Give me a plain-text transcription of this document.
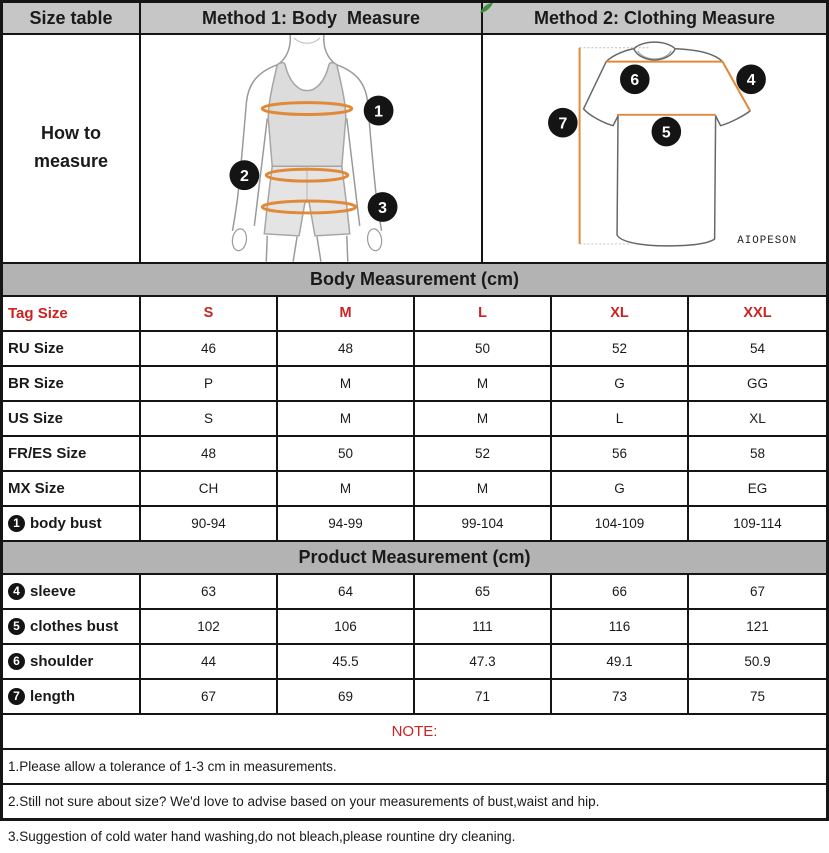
Size table	Method 1: Body  Measure	Method 2: Clothing Measure
How to measure
1
2
3
6	4
7
5
AIOPESON
Body Measurement (cm)
Tag Size	S	M	L	XL	XXL
RU Size	46	48	50	52	54
BR Size	P	M	M	G	GG
US Size	S	M	M	L	XL
FR/ES Size	48	50	52	56	58
MX Size	CH	M	M	G	EG
1 body bust	90-94	94-99	99-104	104-109	109-114
Product Measurement (cm)
4 sleeve	63	64	65	66	67
5 clothes bust	102	106	111	116	121
6 shoulder	44	45.5	47.3	49.1	50.9
7 length	67	69	71	73	75
NOTE:
1.Please allow a tolerance of 1-3 cm in measurements.
2.Still not sure about size? We'd love to advise based on your measurements of bust,waist and hip.
3.Suggestion of cold water hand washing,do not bleach,please rountine dry cleaning.
